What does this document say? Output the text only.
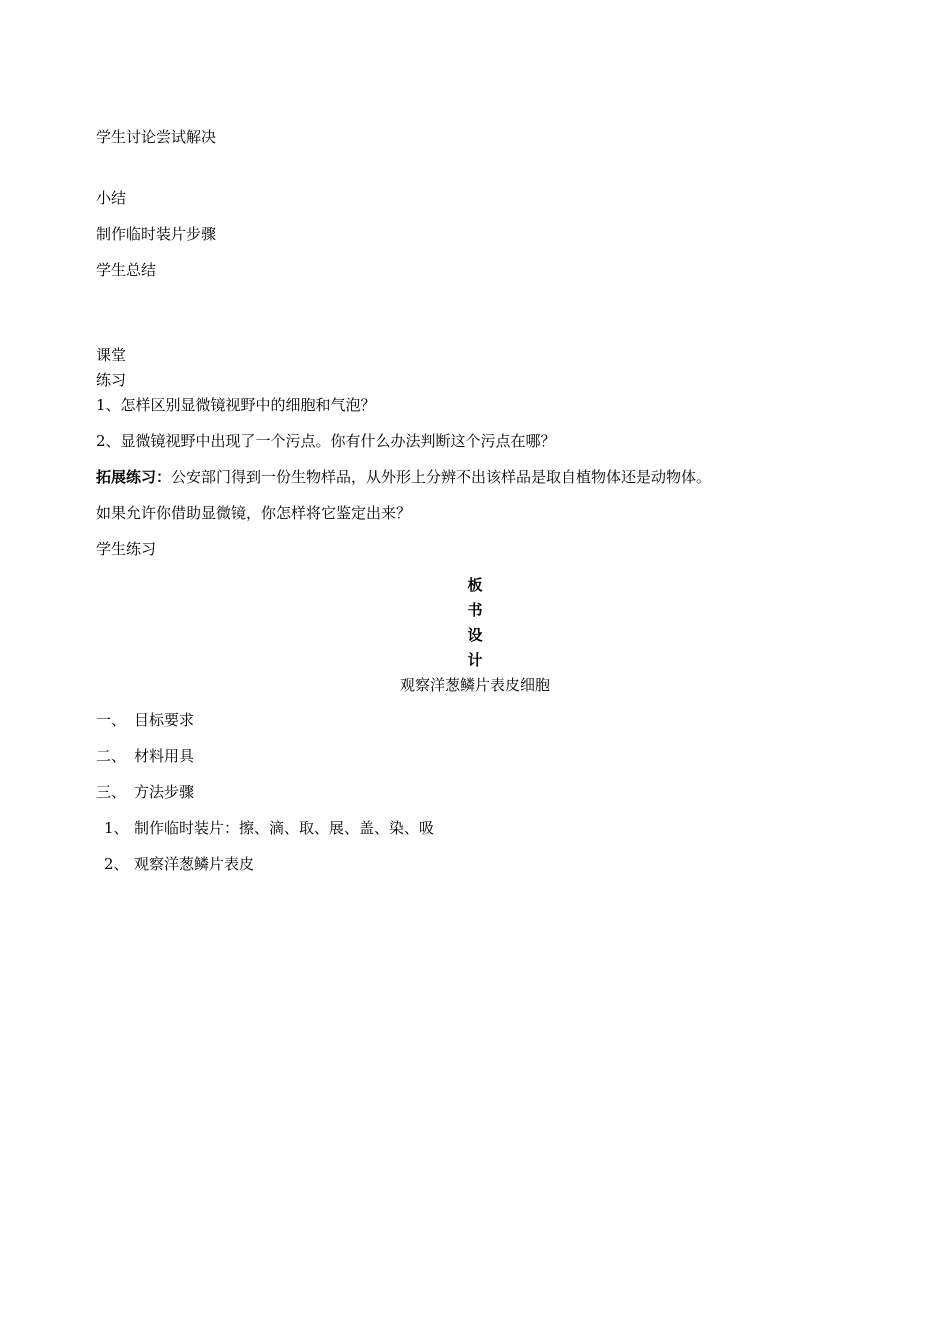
学生讨论尝试解决
小结
制作临时装片步骤
学生总结
课堂
练习
1、怎样区别显微镜视野中的细胞和气泡？
2、显微镜视野中出现了一个污点。你有什么办法判断这个污点在哪？
拓展练习：公安部门得到一份生物样品，从外形上分辨不出该样品是取自植物体还是动物体。
如果允许你借助显微镜，你怎样将它鉴定出来？
学生练习
板
书
设
计
观察洋葱鳞片表皮细胞
一、 目标要求
二、 材料用具
三、 方法步骤
1、 制作临时装片：擦、滴、取、展、盖、染、吸
2、 观察洋葱鳞片表皮
